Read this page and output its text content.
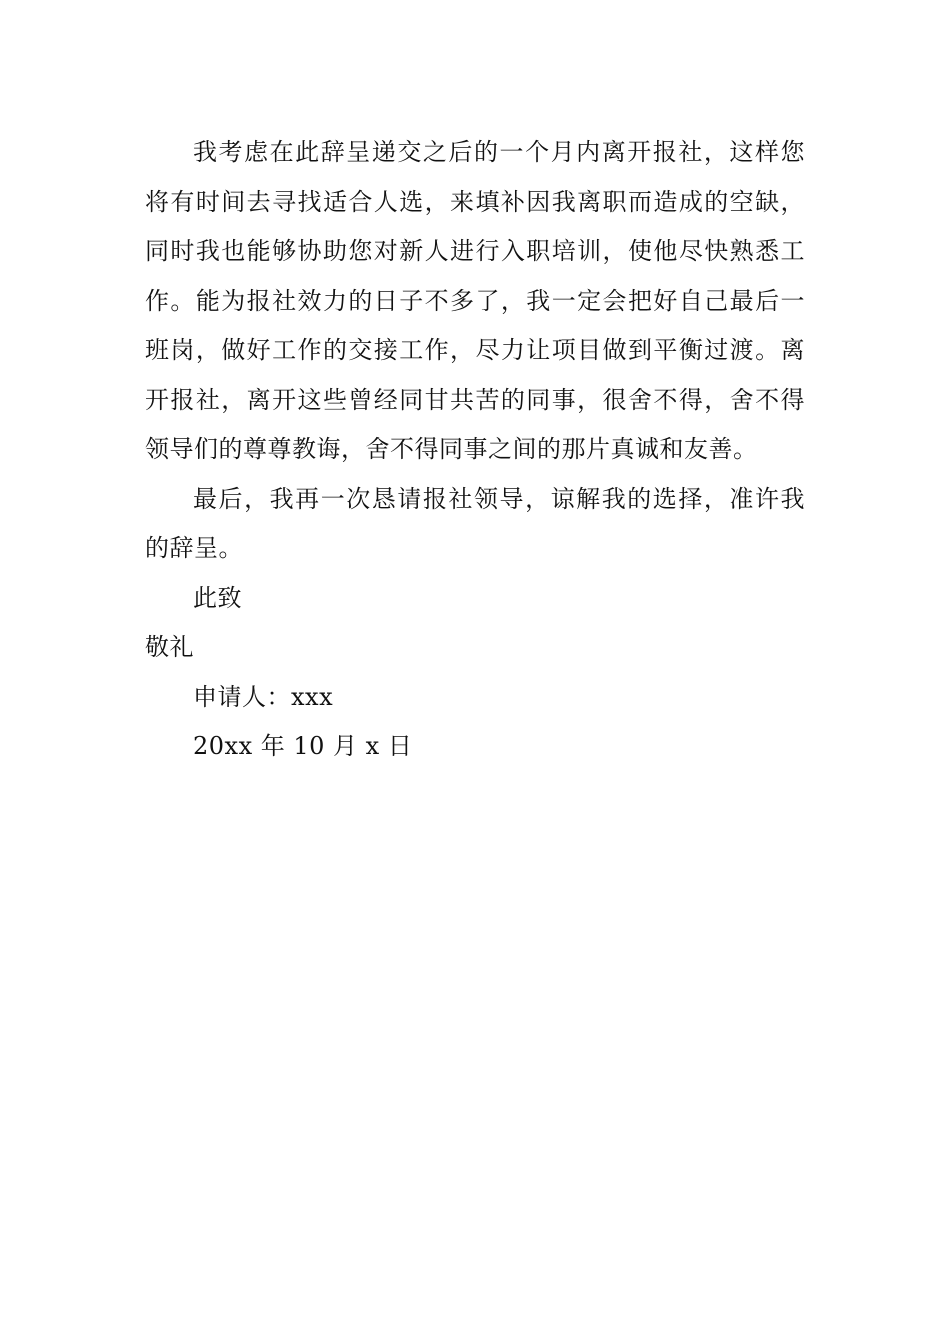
我考虑在此辞呈递交之后的一个月内离开报社，这样您将有时间去寻找适合人选，来填补因我离职而造成的空缺，同时我也能够协助您对新人进行入职培训，使他尽快熟悉工作。能为报社效力的日子不多了，我一定会把好自己最后一班岗，做好工作的交接工作，尽力让项目做到平衡过渡。离开报社，离开这些曾经同甘共苦的同事，很舍不得，舍不得领导们的尊尊教诲，舍不得同事之间的那片真诚和友善。

最后，我再一次恳请报社领导，谅解我的选择，准许我的辞呈。

此致

敬礼

申请人：xxx

20xx 年 10 月 x 日
